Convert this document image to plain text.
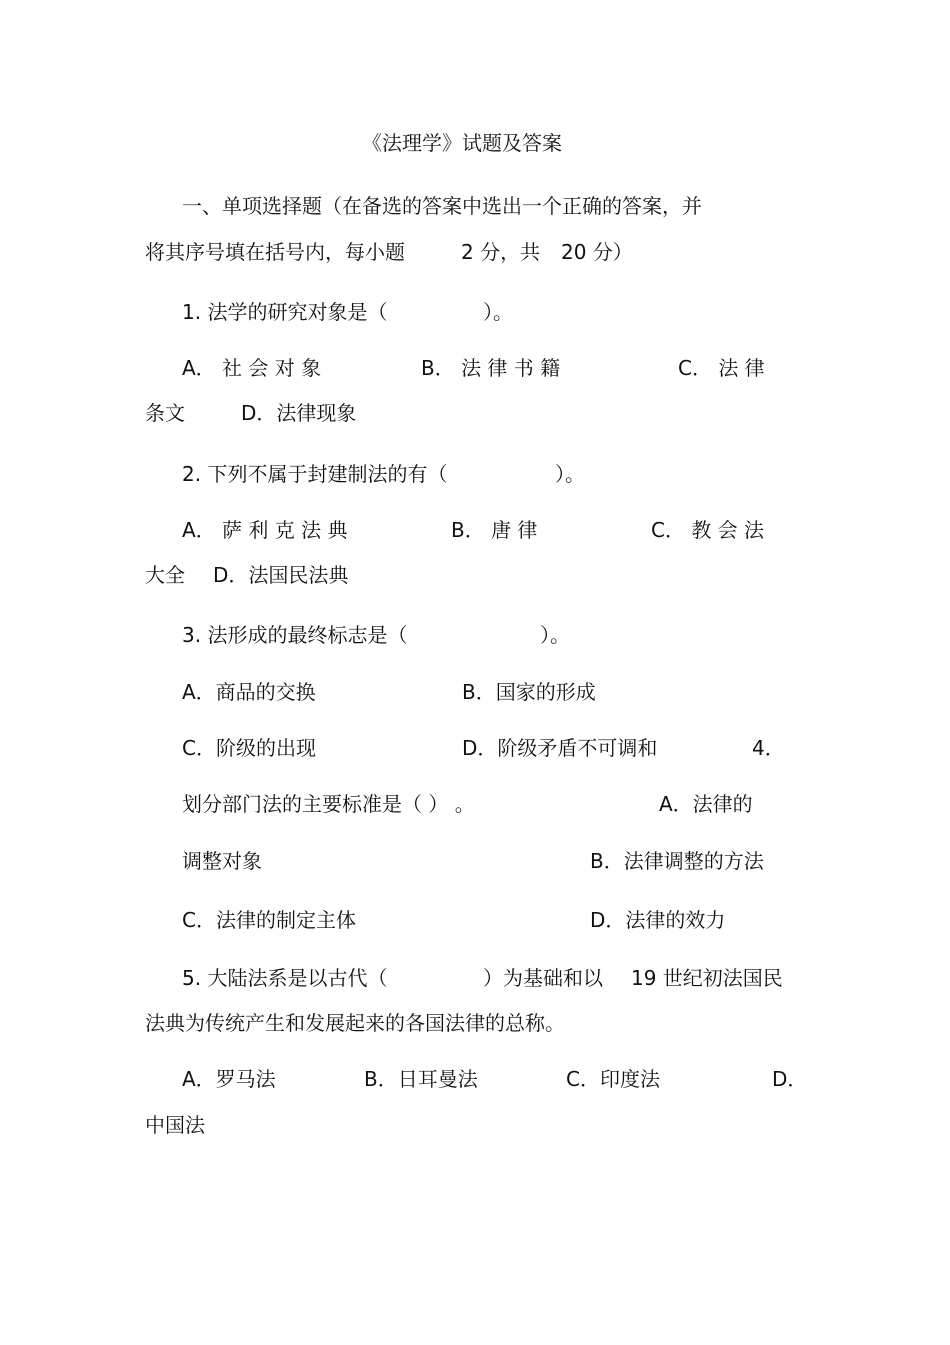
《法理学》试题及答案
一、单项选择题（在备选的答案中选出一个正确的答案，并
将其序号填在括号内，每小题	2 分，共 20 分）
1. 法学的研究对象是（	）。
A． 社 会 对 象	B． 法 律 书 籍	C． 法 律
条文	D．法律现象
2. 下列不属于封建制法的有（	）。
A． 萨 利 克 法 典	B． 唐 律	C． 教 会 法
大全 D．法国民法典
3. 法形成的最终标志是（	）。
A．商品的交换	B．国家的形成
C．阶级的出现	D．阶级矛盾不可调和	4．
划分部门法的主要标准是（ ） 。	A．法律的
调整对象	B．法律调整的方法
C．法律的制定主体	D．法律的效力
5. 大陆法系是以古代（	）为基础和以 19 世纪初法国民
法典为传统产生和发展起来的各国法律的总称。
A．罗马法	B．日耳曼法	C．印度法	D．
中国法
